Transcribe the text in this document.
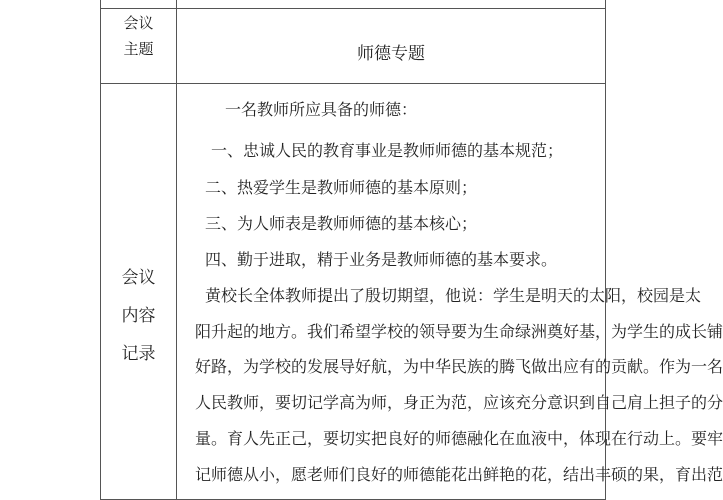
会议
主题	师德专题
会议
内容
记录
一名教师所应具备的师德：
一、忠诚人民的教育事业是教师师德的基本规范；
二、热爱学生是教师师德的基本原则；
三、为人师表是教师师德的基本核心；
四、勤于进取，精于业务是教师师德的基本要求。
黄校长全体教师提出了殷切期望，他说：学生是明天的太阳，校园是太
阳升起的地方。我们希望学校的领导要为生命绿洲奠好基，为学生的成长铺
好路，为学校的发展导好航，为中华民族的腾飞做出应有的贡献。作为一名
人民教师，要切记学高为师，身正为范，应该充分意识到自己肩上担子的分
量。育人先正己，要切实把良好的师德融化在血液中，体现在行动上。要牢
记师德从小，愿老师们良好的师德能花出鲜艳的花，结出丰硕的果，育出范
